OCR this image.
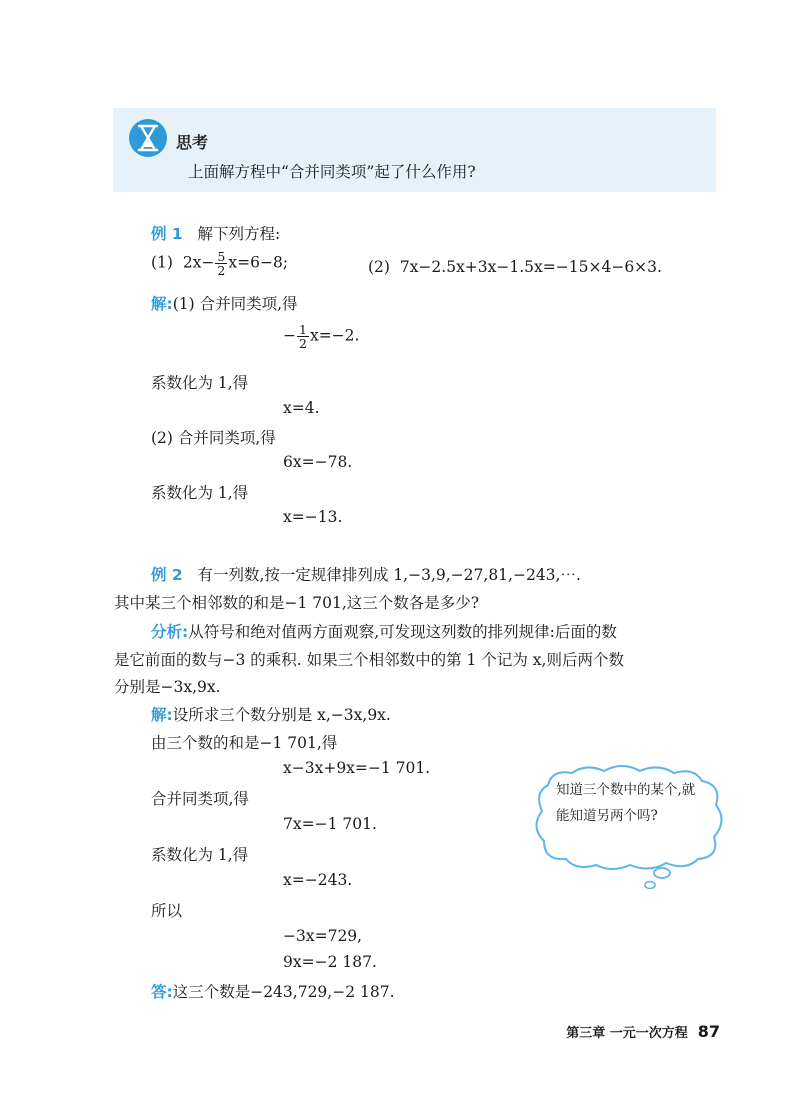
思考
上面解方程中“合并同类项”起了什么作用?
例 1 解下列方程:
(1) $2x- \frac{5}{2} x=6-8$;	(2) 7x−2.5x+3x−1.5x=−15×4−6×3.
解:(1) 合并同类项,得
− $\frac{1}{2} x=-2$.
系数化为 1,得
x=4.
(2) 合并同类项,得
6x=−78.
系数化为 1,得
x=−13.
例 2 有一列数,按一定规律排列成 1,−3,9,−27,81,−243,⋯.
其中某三个相邻数的和是−1 701,这三个数各是多少?
分析:从符号和绝对值两方面观察,可发现这列数的排列规律:后面的数
是它前面的数与−3 的乘积. 如果三个相邻数中的第 1 个记为 x,则后两个数
分别是−3x,9x.
解:设所求三个数分别是 x,−3x,9x.
由三个数的和是−1 701,得
x−3x+9x=−1 701.
合并同类项,得
7x=−1 701.
系数化为 1,得
x=−243.
所以
−3x=729,
9x=−2 187.
答:这三个数是−243,729,−2 187.
知道三个数中的某个,就能知道另两个吗?
第三章 一元一次方程 87
